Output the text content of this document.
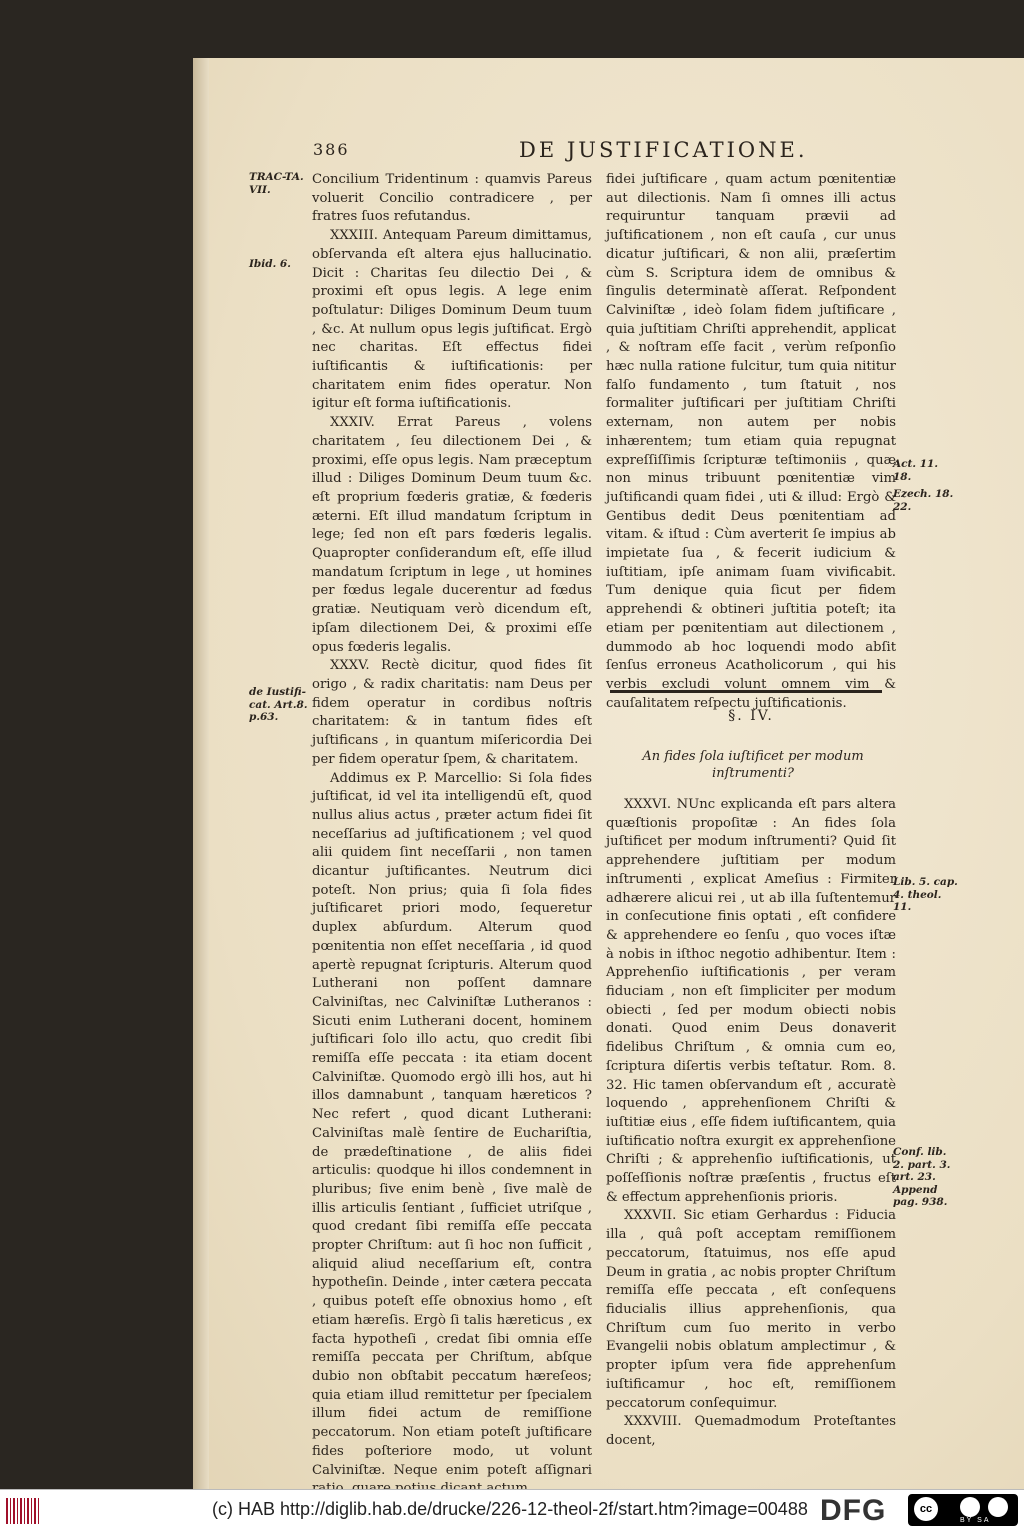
386	DE JUSTIFICATIONE.
TRAC-TA. VII.
Ibid. 6.
de Iustifi-cat. Art.8. p.63.

Concilium Tridentinum : quamvis Pareus voluerit Concilio contradicere , per fratres ſuos refutandus.

XXXIII. Antequam Pareum dimittamus, obſervanda eſt altera ejus hallucinatio. Dicit : Charitas ſeu dilectio Dei , & proximi eſt opus legis. A lege enim poſtulatur: Diliges Dominum Deum tuum , &c. At nullum opus legis juſtificat. Ergò nec charitas. Eſt effectus fidei iuſtificantis & iuſtificationis: per charitatem enim fides operatur. Non igitur eſt forma iuſtificationis.

XXXIV. Errat Pareus , volens charitatem , ſeu dilectionem Dei , & proximi, eſſe opus legis. Nam præceptum illud : Diliges Dominum Deum tuum &c. eſt proprium fœderis gratiæ, & fœderis æterni. Eſt illud mandatum ſcriptum in lege; ſed non eſt pars fœderis legalis. Quapropter conſiderandum eſt, eſſe illud mandatum ſcriptum in lege , ut homines per fœdus legale ducerentur ad fœdus gratiæ. Neutiquam verò dicendum eſt, ipſam dilectionem Dei, & proximi eſſe opus fœderis legalis.

XXXV. Rectè dicitur, quod fides ſit origo , & radix charitatis: nam Deus per fidem operatur in cordibus noſtris charitatem: & in tantum fides eſt juſtificans , in quantum miſericordia Dei per fidem operatur ſpem, & charitatem.

Addimus ex P. Marcellio: Si ſola fides juſtificat, id vel ita intelligendū eſt, quod nullus alius actus , præter actum fidei ſit neceſſarius ad juſtificationem ; vel quod alii quidem ſint neceſſarii , non tamen dicantur juſtificantes. Neutrum dici poteſt. Non prius; quia ſi ſola fides juſtificaret priori modo, ſequeretur duplex abſurdum. Alterum quod pœnitentia non eſſet neceſſaria , id quod apertè repugnat ſcripturis. Alterum quod Lutherani non poſſent damnare Calviniſtas, nec Calviniſtæ Lutheranos : Sicuti enim Lutherani docent, hominem juſtificari ſolo illo actu, quo credit ſibi remiſſa eſſe peccata : ita etiam docent Calviniſtæ. Quomodo ergò illi hos, aut hi illos damnabunt , tanquam hæreticos ? Nec refert , quod dicant Lutherani: Calviniſtas malè ſentire de Euchariſtia, de prædeſtinatione , de aliis fidei articulis: quodque hi illos condemnent in pluribus; ſive enim benè , ſive malè de illis articulis ſentiant , ſufficiet utriſque , quod credant ſibi remiſſa eſſe peccata propter Chriſtum: aut ſi hoc non ſufficit , aliquid aliud neceſſarium eſt, contra hypotheſin. Deinde , inter cætera peccata , quibus poteſt eſſe obnoxius homo , eſt etiam hæreſis. Ergò ſi talis hæreticus , ex facta hypotheſi , credat ſibi omnia eſſe remiſſa peccata per Chriſtum, abſque dubio non obſtabit peccatum hæreſeos; quia etiam illud remittetur per ſpecialem illum fidei actum de remiſſione peccatorum. Non etiam poteſt juſtificare fides poſteriore modo, ut volunt Calviniſtæ. Neque enim poteſt aſſignari

fidei juſtificare , quam actum pœnitentiæ aut dilectionis. Nam ſi omnes illi actus requiruntur tanquam prævii ad juſtificationem , non eſt cauſa , cur unus dicatur juſtificari, & non alii, præſertim cùm S. Scriptura idem de omnibus & ſingulis determinatè aſſerat. Reſpondent Calviniſtæ , ideò ſolam fidem juſtificare , quia juſtitiam Chriſti apprehendit, applicat , & noſtram eſſe facit , verùm reſponſio hæc nulla ratione fulcitur, tum quia nititur falſo fundamento , tum ſtatuit , nos formaliter juſtificari per juſtitiam Chriſti externam, non autem per nobis inhærentem; tum etiam quia repugnat expreſſiſſimis ſcripturæ teſtimoniis , quæ non minus tribuunt pœnitentiæ vim juſtificandi quam fidei , uti & illud: Ergò & Gentibus dedit Deus pœnitentiam ad vitam. & iſtud : Cùm averterit ſe impius ab impietate ſua , & fecerit iudicium & iuſtitiam, ipſe animam ſuam vivificabit. Tum denique quia ſicut per fidem apprehendi & obtineri juſtitia poteſt; ita etiam per pœnitentiam aut dilectionem , dummodo ab hoc loquendi modo abſit ſenſus erroneus Acatholicorum , qui his verbis excludi volunt omnem vim & cauſalitatem reſpectu juſtificationis.

Act. 11. 18.
Ezech. 18. 22.
§. IV.
An fides ſola iuſtificet per modum inſtrumenti?

XXXVI. NUnc explicanda eſt pars altera quæſtionis propoſitæ : An fides ſola juſtificet per modum inſtrumenti? Quid ſit apprehendere juſtitiam per modum inſtrumenti , explicat Ameſius : Firmiter adhærere alicui rei , ut ab illa ſuſtentemur in conſecutione finis optati , eſt confidere & apprehendere eo ſenſu , quo voces iſtæ à nobis in iſthoc negotio adhibentur. Item : Apprehenſio iuſtificationis , per veram fiduciam , non eſt ſimpliciter per modum obiecti , ſed per modum obiecti nobis donati. Quod enim Deus donaverit fidelibus Chriſtum , & omnia cum eo, ſcriptura diſertis verbis teſtatur. Rom. 8. 32. Hic tamen obſervandum eſt , accuratè loquendo , apprehenſionem Chriſti & iuſtitiæ eius , eſſe fidem iuſtificantem, quia iuſtificatio noſtra exurgit ex apprehenſione Chriſti ; & apprehenſio iuſtificationis, ut poſſeſſionis noſtræ præſentis , fructus eſt & effectum apprehenſionis prioris.

XXXVII. Sic etiam Gerhardus : Fiducia illa , quâ poſt acceptam remiſſionem peccatorum, ſtatuimus, nos eſſe apud Deum in gratia , ac nobis propter Chriſtum remiſſa eſſe peccata , eſt conſequens fiducialis illius apprehenſionis, qua Chriſtum cum ſuo merito in verbo Evangelii nobis oblatum amplectimur , & propter ipſum vera fide apprehenſum iuſtificamur , hoc eſt, remiſſionem peccatorum conſequimur.

XXXVIII. Quemadmodum Proteſtantes docent,

Lib. 5. cap. 4. theol. 11.
Conf. lib. 2. part. 3. art. 23. Append pag. 938.
(c) HAB http://diglib.hab.de/drucke/226-12-theol-2f/start.htm?image=00488 DFG	cc
BY SA
